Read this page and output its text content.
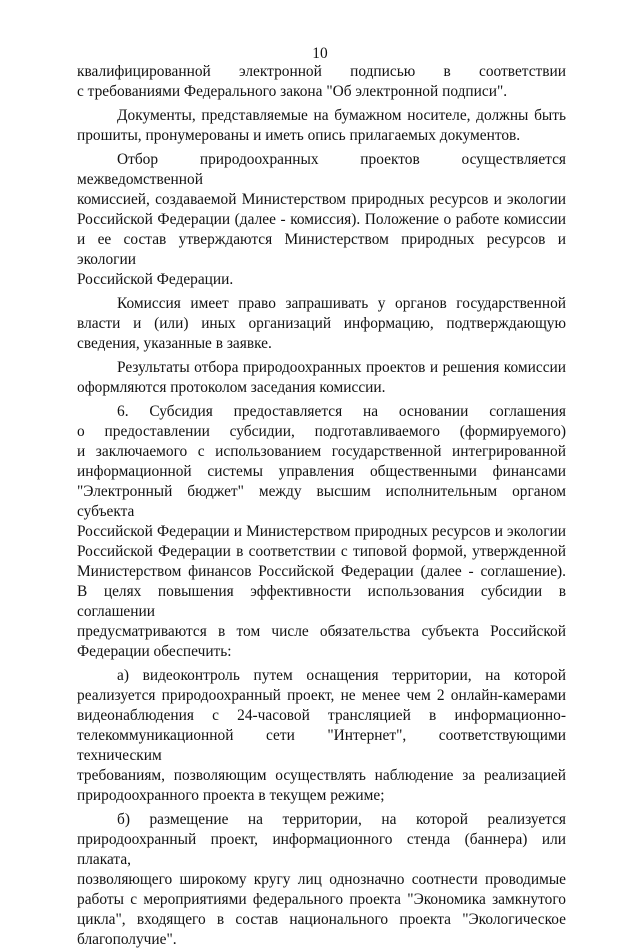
10
квалифицированной электронной подписью в соответствии
с требованиями Федерального закона "Об электронной подписи".
Документы, представляемые на бумажном носителе, должны быть
прошиты, пронумерованы и иметь опись прилагаемых документов.
Отбор природоохранных проектов осуществляется межведомственной
комиссией, создаваемой Министерством природных ресурсов и экологии
Российской Федерации (далее - комиссия). Положение о работе комиссии
и ее состав утверждаются Министерством природных ресурсов и экологии
Российской Федерации.
Комиссия имеет право запрашивать у органов государственной
власти и (или) иных организаций информацию, подтверждающую
сведения, указанные в заявке.
Результаты отбора природоохранных проектов и решения комиссии
оформляются протоколом заседания комиссии.
6. Субсидия предоставляется на основании соглашения
о предоставлении субсидии, подготавливаемого (формируемого)
и заключаемого с использованием государственной интегрированной
информационной системы управления общественными финансами
"Электронный бюджет" между высшим исполнительным органом субъекта
Российской Федерации и Министерством природных ресурсов и экологии
Российской Федерации в соответствии с типовой формой, утвержденной
Министерством финансов Российской Федерации (далее - соглашение).
В целях повышения эффективности использования субсидии в соглашении
предусматриваются в том числе обязательства субъекта Российской
Федерации обеспечить:
а) видеоконтроль путем оснащения территории, на которой
реализуется природоохранный проект, не менее чем 2 онлайн-камерами
видеонаблюдения с 24-часовой трансляцией в информационно-
телекоммуникационной сети "Интернет", соответствующими техническим
требованиям, позволяющим осуществлять наблюдение за реализацией
природоохранного проекта в текущем режиме;
б) размещение на территории, на которой реализуется
природоохранный проект, информационного стенда (баннера) или плаката,
позволяющего широкому кругу лиц однозначно соотнести проводимые
работы с мероприятиями федерального проекта "Экономика замкнутого
цикла", входящего в состав национального проекта "Экологическое
благополучие".
